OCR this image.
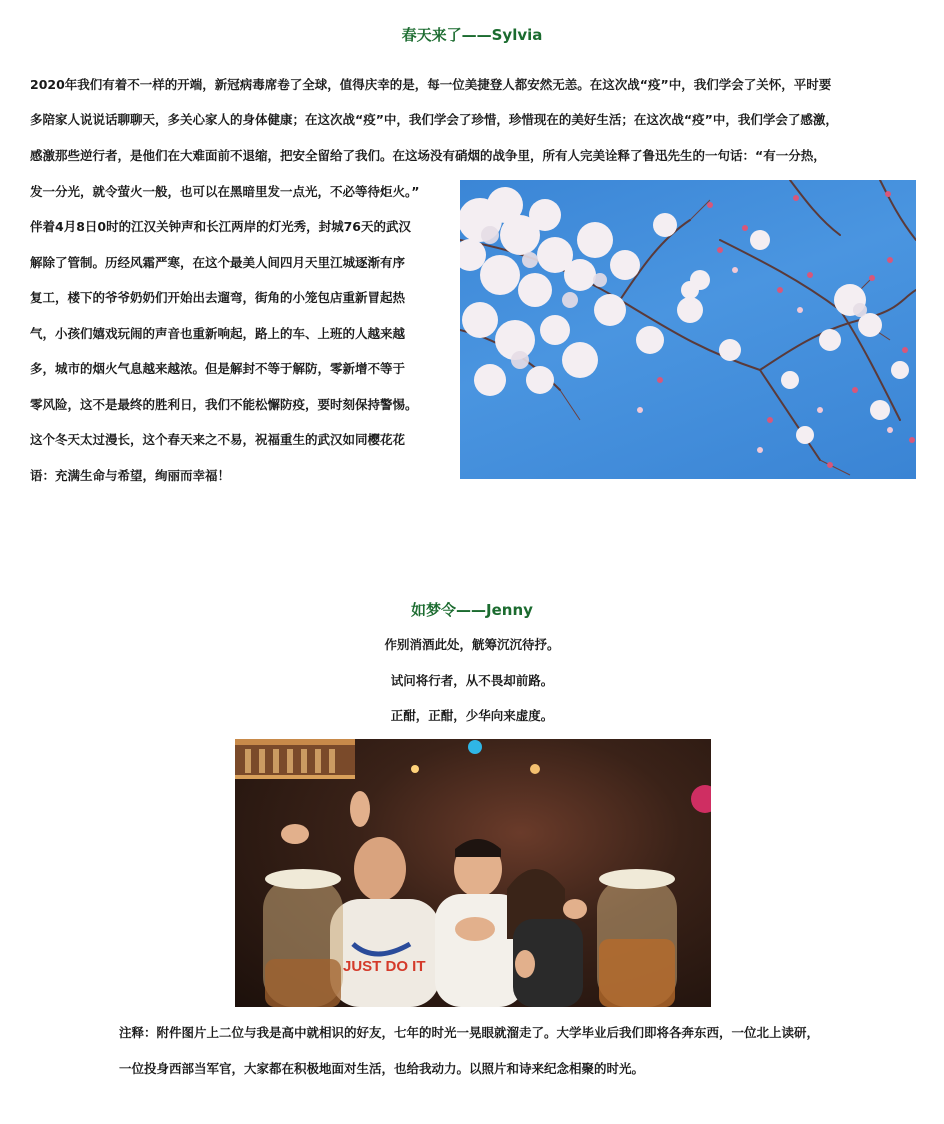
春天来了——Sylvia
2020年我们有着不一样的开端，新冠病毒席卷了全球，值得庆幸的是，每一位美捷登人都安然无恙。在这次战“疫”中，我们学会了关怀，平时要
多陪家人说说话聊聊天，多关心家人的身体健康；在这次战“疫”中，我们学会了珍惜，珍惜现在的美好生活；在这次战“疫”中，我们学会了感激，
感激那些逆行者，是他们在大难面前不退缩，把安全留给了我们。在这场没有硝烟的战争里，所有人完美诠释了鲁迅先生的一句话：“有一分热，
发一分光，就令萤火一般，也可以在黑暗里发一点光，不必等待炬火。”
伴着4月8日0时的江汉关钟声和长江两岸的灯光秀，封城76天的武汉
解除了管制。历经风霜严寒，在这个最美人间四月天里江城逐渐有序
复工，楼下的爷爷奶奶们开始出去遛弯，街角的小笼包店重新冒起热
气，小孩们嬉戏玩闹的声音也重新响起，路上的车、上班的人越来越
多，城市的烟火气息越来越浓。但是解封不等于解防，零新增不等于
零风险，这不是最终的胜利日，我们不能松懈防疫，要时刻保持警惕。
这个冬天太过漫长，这个春天来之不易，祝福重生的武汉如同樱花花
语：充满生命与希望，绚丽而幸福！
如梦令——Jenny
作别消酒此处，觥筹沉沉待抒。
试问将行者，从不畏却前路。
正酣，正酣，少华向来虚度。
JUST DO IT
注释：附件图片上二位与我是高中就相识的好友，七年的时光一晃眼就溜走了。大学毕业后我们即将各奔东西，一位北上读研，
一位投身西部当军官，大家都在积极地面对生活，也给我动力。以照片和诗来纪念相聚的时光。
